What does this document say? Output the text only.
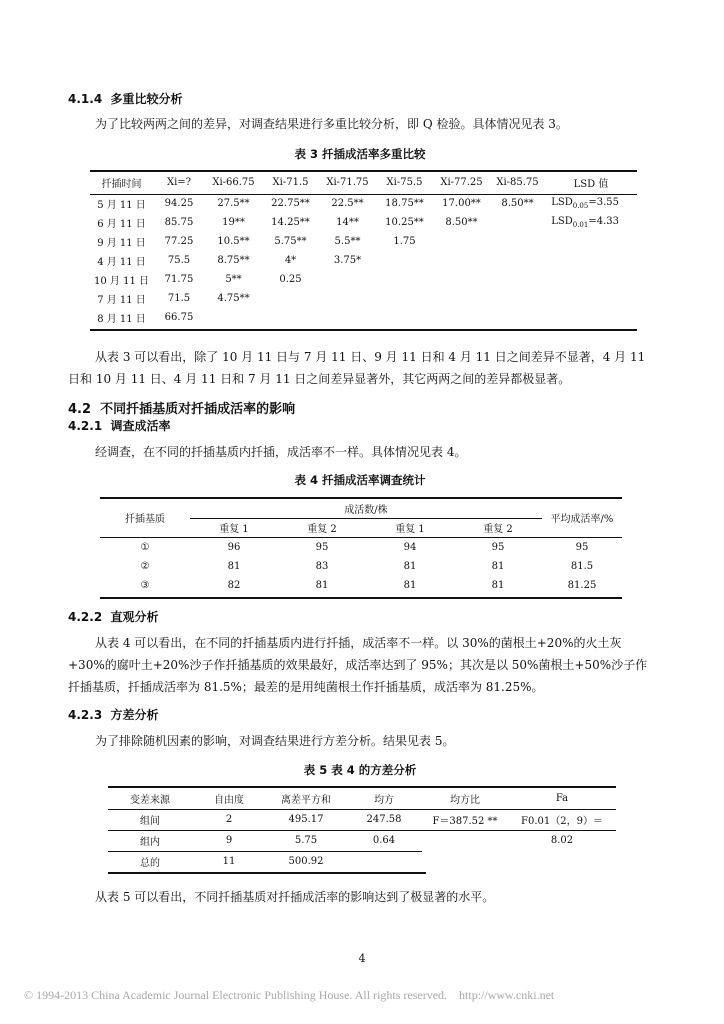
4.1.4 多重比较分析
为了比较两两之间的差异，对调查结果进行多重比较分析，即 Q 检验。具体情况见表 3。
表 3 扦插成活率多重比较
扦插时间	Xi=?	Xi-66.75	Xi-71.5	Xi-71.75	Xi-75.5	Xi-77.25	Xi-85.75	LSD 值
5 月 11 日	94.25	27.5**	22.75**	22.5**	18.75**	17.00**	8.50**	$LSD_{0.05}=3.55$
6 月 11 日	85.75	19**	14.25**	14**	10.25**	8.50**		$LSD_{0.01}=4.33$
9 月 11 日	77.25	10.5**	5.75**	5.5**	1.75			
4 月 11 日	75.5	8.75**	4*	3.75*				
10 月 11 日	71.75	5**	0.25					
7 月 11 日	71.5	4.75**						
8 月 11 日	66.75							
从表 3 可以看出，除了 10 月 11 日与 7 月 11 日、9 月 11 日和 4 月 11 日之间差异不显著，4 月 11 日和 10 月 11 日、4 月 11 日和 7 月 11 日之间差异显著外，其它两两之间的差异都极显著。
4.2 不同扦插基质对扦插成活率的影响
4.2.1 调查成活率
经调查，在不同的扦插基质内扦插，成活率不一样。具体情况见表 4。
表 4 扦插成活率调查统计
扦插基质	成活数/株				平均成活率/%
	重复 1	重复 2	重复 1	重复 2	

①	96	95	94	95	95
②	81	83	81	81	81.5
③	82	81	81	81	81.25
4.2.2 直观分析
从表 4 可以看出，在不同的扦插基质内进行扦插，成活率不一样。以 30%的菌根土+20%的火土灰+30%的腐叶土+20%沙子作扦插基质的效果最好，成活率达到了 95%；其次是以 50%菌根土+50%沙子作扦插基质，扦插成活率为 81.5%；最差的是用纯菌根土作扦插基质，成活率为 81.25%。
4.2.3 方差分析
为了排除随机因素的影响，对调查结果进行方差分析。结果见表 5。
表 5 表 4 的方差分析
变差来源	自由度	离差平方和	均方	均方比	Fa
组间	2	495.17	247.58	F＝387.52 **	F0.01（2，9）＝
组内	9	5.75	0.64		8.02
总的	11	500.92			
从表 5 可以看出，不同扦插基质对扦插成活率的影响达到了极显著的水平。
4
© 1994-2013 China Academic Journal Electronic Publishing House. All rights reserved. http://www.cnki.net
